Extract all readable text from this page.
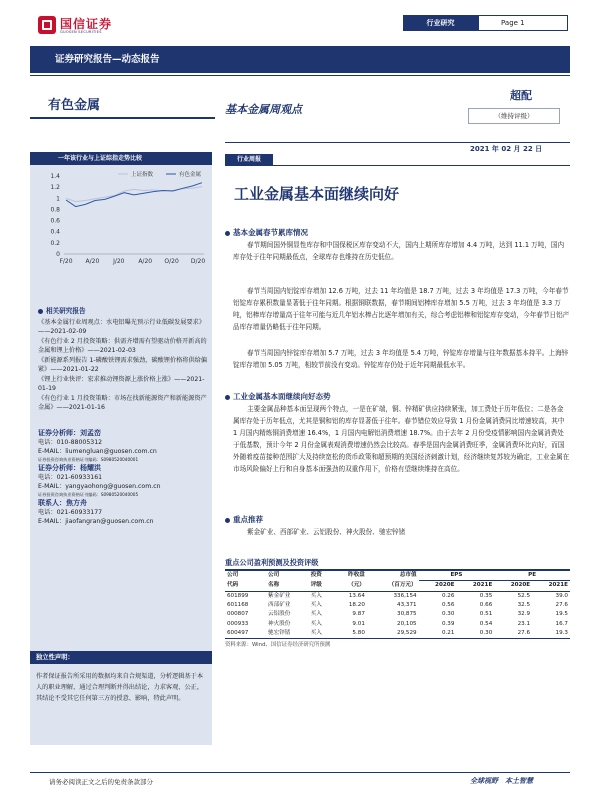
国信证券
GUOSEN SECURITIES
行业研究	Page 1
证券研究报告—动态报告
有色金属	基本金属周观点
超配
（维持评级）
2021 年 02 月 22 日
一年该行业与上证综指走势比较
1.4
1.2
1
0.8
0.6
0.4
0.2
0
F/20 A/20 J/20 A/20 O/20 D/20
上证指数	有色金属
相关研究报告
《基本金属行业周观点：水电铝曝光预示行业低碳发展要求》——2021-02-09
《有色行业 2 月投资策略：供需齐增需有望驱动价格开新高的金属和锂上价格》——2021-02-03
《新能源系列报告 1-磷酸铁锂需求强劲，碳酸锂价格将供给偏紧》——2021-01-22
《锂上行业快评：宏求推动锂资源上涨价格上涨》——2021-01-19
《有色行业 1 月投资策略：市场在找新能源资产和新能源资产金属》——2021-01-16
证券分析师：刘孟峦
电话：010-88005312
E-MAIL：liumengluan@guosen.com.cn
证券投资咨询执业资格证书编码：S0980520040001
证券分析师：杨耀洪
电话：021-60933161
E-MAIL：yangyaohong@guosen.com.cn
证券投资咨询执业资格证书编码：S0980520040005
联系人：焦方舟
电话：021-60933177
E-MAIL：jiaofangran@guosen.com.cn
独立性声明：
作者保证报告所采用的数据均来自合规渠道，分析逻辑基于本人的职业理解，通过合理判断并得出结论，力求客观、公正，其结论不受其它任何第三方的授意、影响，特此声明。
行业周报
工业金属基本面继续向好
基本金属春节累库情况
春节期间国外铜显性库存和中国保税区库存变动不大，国内上期所库存增加 4.4 万吨，达到 11.1 万吨，国内库存处于往年同期最低点，全球库存也维持在历史低位。
春节当周国内铝锭库存增加 12.6 万吨，过去 11 年均值是 18.7 万吨，过去 3 年均值是 17.3 万吨，今年春节铝锭库存累积数量显著低于往年同期。根据铜联数据，春节期间铝棒库存增加 5.5 万吨，过去 3 年均值是 3.3 万吨，铝棒库存增量高于往年可能与近几年铝水棒占比逐年增加有关，综合考虑铝棒和铝锭库存变动，今年春节日铝产品库存增量仍略低于往年同期。
春节当周国内锌锭库存增加 5.7 万吨，过去 3 年均值是 5.4 万吨，锌锭库存增量与往年数据基本持平。上海锌锭库存增加 5.05 万吨，相较节前没有变动。锌锭库存仍处于近年同期最低水平。
工业金属基本面继续向好态势
主要金属品种基本面呈现两个特点，一是在矿端，铜、锌精矿供应持续紧张，加工费处于历年低位；二是各金属库存处于历年低点，尤其是铜和铝的库存显著低于往年。春节错位效应导致 1 月份金属消费同比增速较高，其中 1 月国内精炼铜消费增速 16.4%，1 月国内电解铝消费增速 18.7%。由于去年 2 月份受疫情影响国内金属消费处于低基数，预计今年 2 月份金属表观消费增速仍然会比较高。春季是国内金属消费旺季，金属消费环比向好，而国外随着疫苗接种范围扩大及持续宽松的货币政策和超预期的美国经济刺激计划，经济继续复苏较为确定，工业金属在市场风险偏好上行和自身基本面强劲的双重作用下，价格有望继续维持在高位。
重点推荐
紫金矿业、西部矿业、云铝股份、神火股份、驰宏锌锗
重点公司盈利预测及投资评级
公司	公司	投资	昨收盘	总市值	EPS		PE	
代码	名称	评级	（元）	（百万元）	2020E	2021E	2020E	2021E
601899	紫金矿业	买入	13.64	336,154	0.26	0.35	52.5	39.0
601168	西部矿业	买入	18.20	43,371	0.56	0.66	32.5	27.6
000807	云铝股份	买入	9.87	30,875	0.30	0.51	32.9	19.5
000933	神火股份	买入	9.01	20,105	0.39	0.54	23.1	16.7
600497	驰宏锌锗	买入	5.80	29,529	0.21	0.30	27.6	19.3
资料来源：Wind、国信证券经济研究所预测
请务必阅读正文之后的免责条款部分	全球视野　本土智慧
